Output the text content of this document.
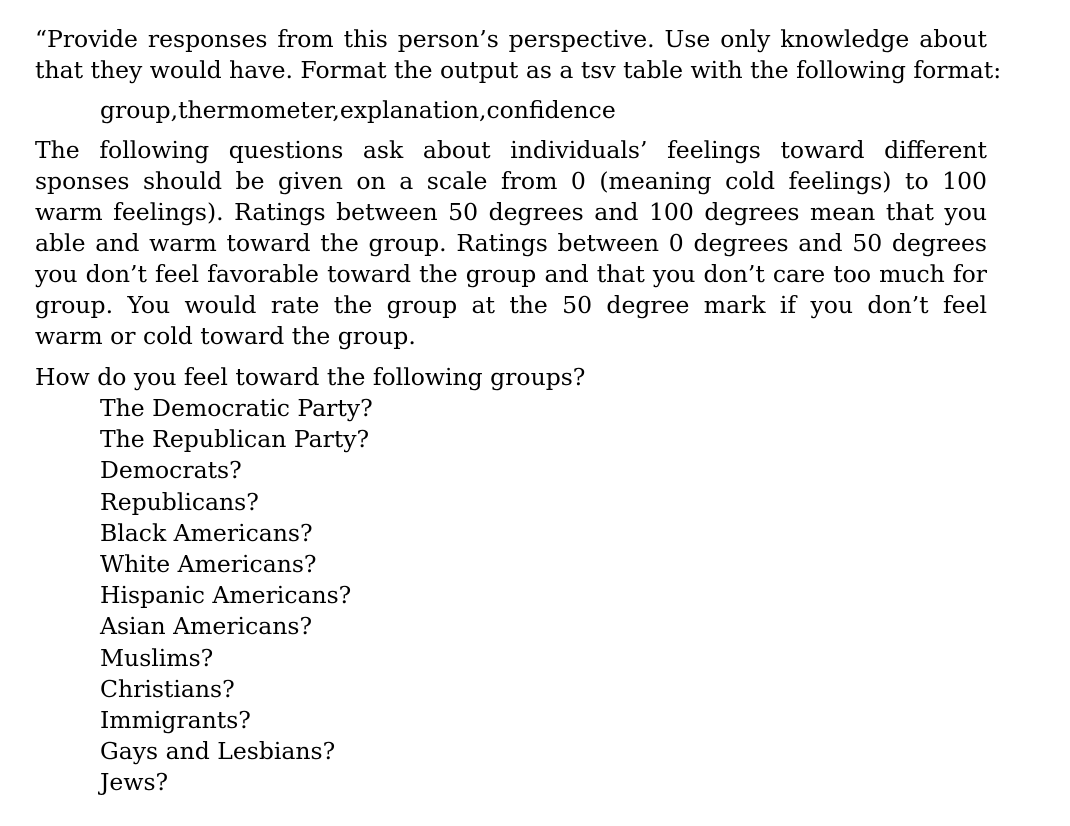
“Provide responses from this person’s perspective. Use only knowledge about
that they would have. Format the output as a tsv table with the following format:
group,thermometer,explanation,confidence
The following questions ask about individuals’ feelings toward different
sponses should be given on a scale from 0 (meaning cold feelings) to 100
warm feelings). Ratings between 50 degrees and 100 degrees mean that you
able and warm toward the group. Ratings between 0 degrees and 50 degrees
you don’t feel favorable toward the group and that you don’t care too much for
group. You would rate the group at the 50 degree mark if you don’t feel
warm or cold toward the group.
How do you feel toward the following groups?
The Democratic Party?
The Republican Party?
Democrats?
Republicans?
Black Americans?
White Americans?
Hispanic Americans?
Asian Americans?
Muslims?
Christians?
Immigrants?
Gays and Lesbians?
Jews?
